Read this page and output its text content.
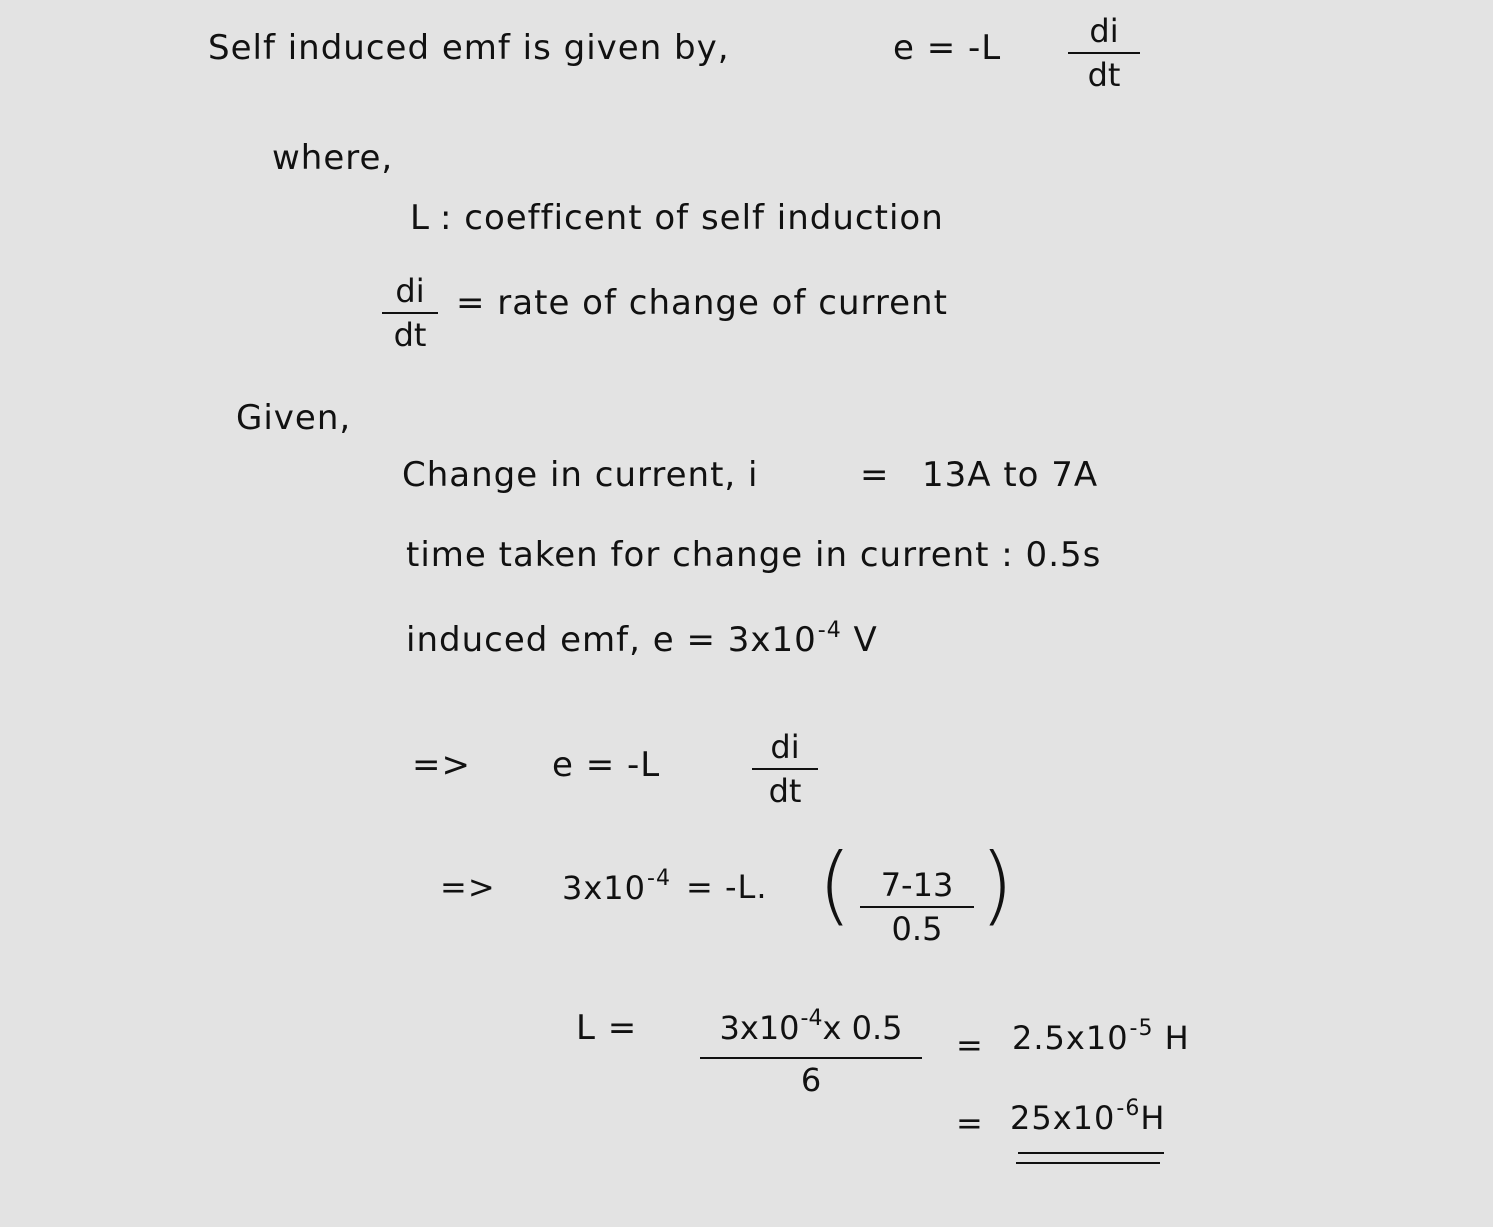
Self induced emf is given by,	e = -L	di
dt
where,
L : coefficent of self induction
di
dt
= rate of change of current
Given,
Change in current, i	= 13A to 7A
time taken for change in current : 0.5s
induced emf, $e = 3x10^{-4}$ V
=> e = -L	di
dt
=> $3x10^{-4} = -L$. ( 7-13
0.5 )
L =	$3x10^{-4}x$ 0.5
6
= $2.5x10^{-5}$ H
= $25x10^{-6}H$
